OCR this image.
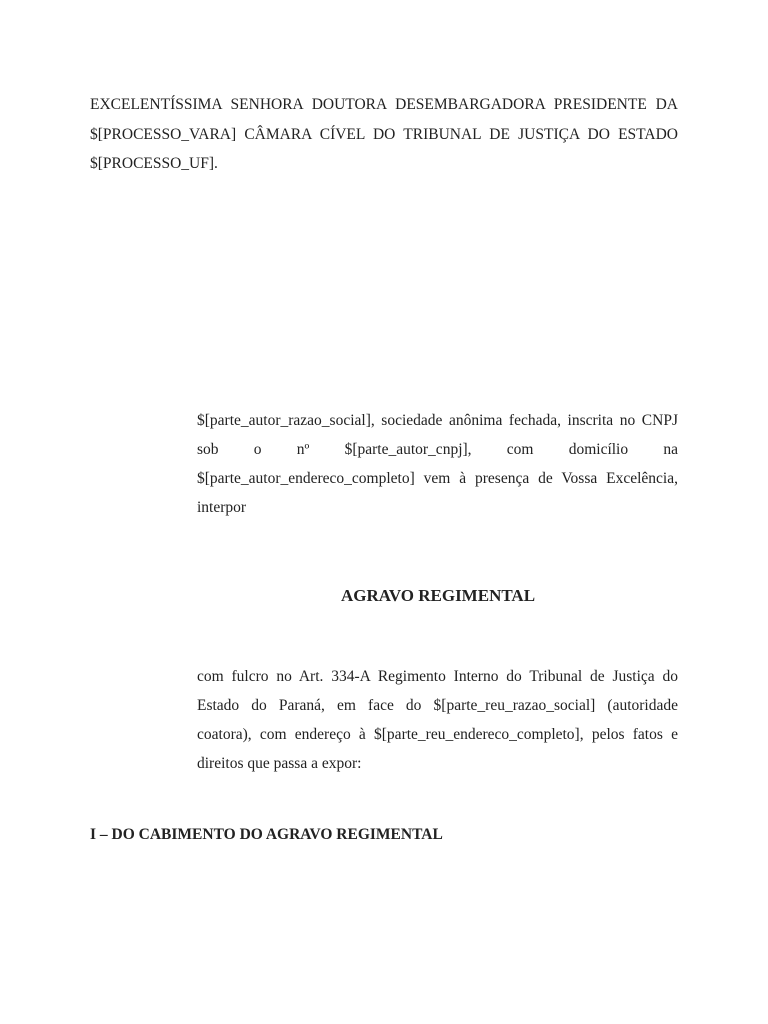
EXCELENTÍSSIMA SENHORA DOUTORA DESEMBARGADORA PRESIDENTE DA $[PROCESSO_VARA] CÂMARA CÍVEL DO TRIBUNAL DE JUSTIÇA DO ESTADO $[PROCESSO_UF].

$[parte_autor_razao_social], sociedade anônima fechada, inscrita no CNPJ sob o nº $[parte_autor_cnpj], com domicílio na $[parte_autor_endereco_completo] vem à presença de Vossa Excelência, interpor

AGRAVO REGIMENTAL

com fulcro no Art. 334-A Regimento Interno do Tribunal de Justiça do Estado do Paraná, em face do $[parte_reu_razao_social] (autoridade coatora), com endereço à $[parte_reu_endereco_completo], pelos fatos e direitos que passa a expor:

I – DO CABIMENTO DO AGRAVO REGIMENTAL
